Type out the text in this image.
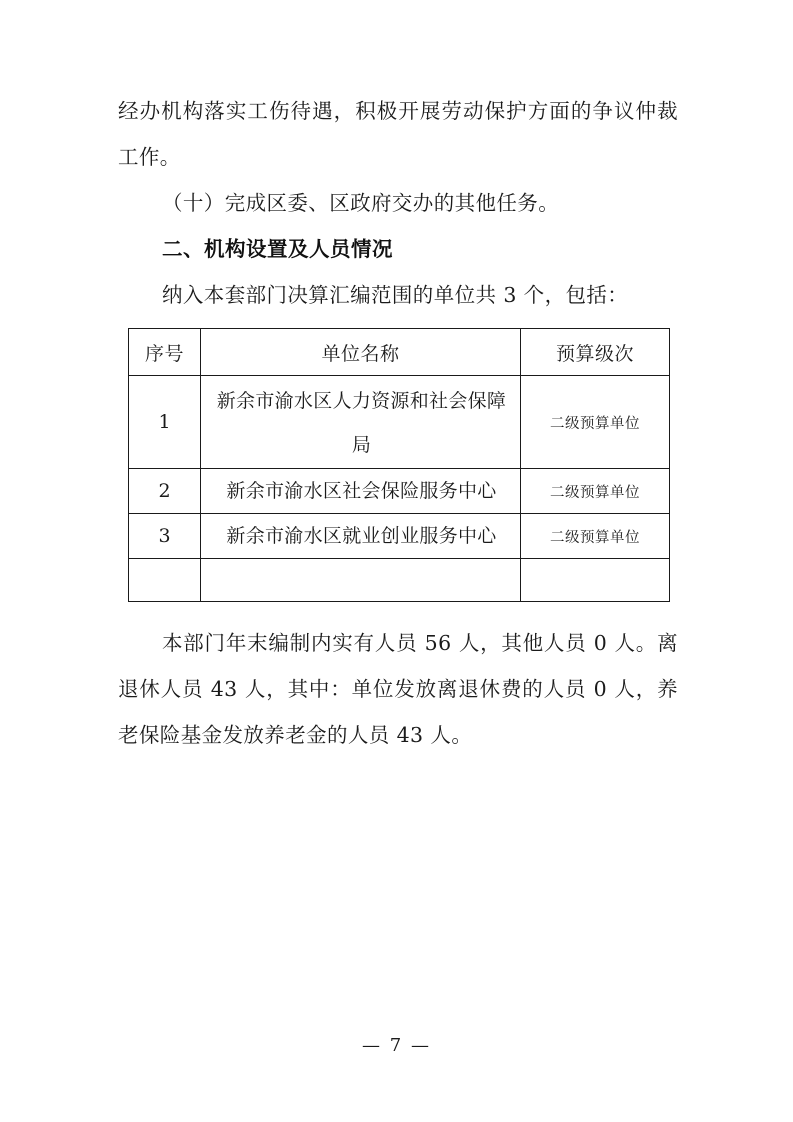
经办机构落实工伤待遇，积极开展劳动保护方面的争议仲裁工作。

（十）完成区委、区政府交办的其他任务。

二、机构设置及人员情况

纳入本套部门决算汇编范围的单位共 3 个，包括：

序号	单位名称	预算级次
1	新余市渝水区人力资源和社会保障局	二级预算单位
2	新余市渝水区社会保险服务中心	二级预算单位
3	新余市渝水区就业创业服务中心	二级预算单位

本部门年末编制内实有人员 56 人，其他人员 0 人。离退休人员 43 人，其中：单位发放离退休费的人员 0 人，养老保险基金发放养老金的人员 43 人。

— 7 —
